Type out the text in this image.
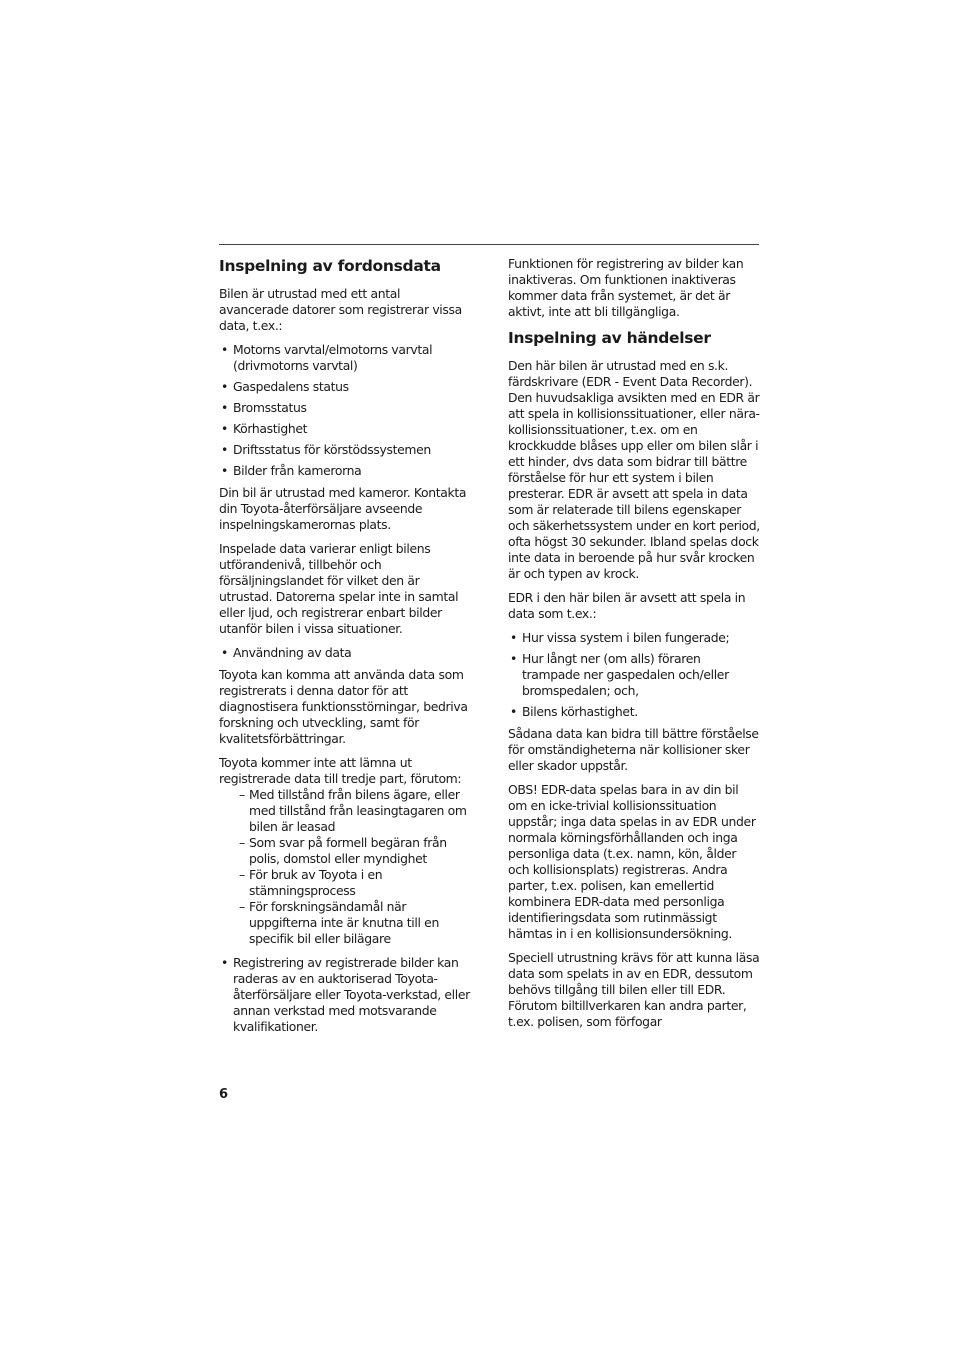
Inspelning av fordonsdata

Bilen är utrustad med ett antal avancerade datorer som registrerar vissa data, t.ex.:

• Motorns varvtal/elmotorns varvtal (drivmotorns varvtal)
• Gaspedalens status
• Bromsstatus
• Körhastighet
• Driftsstatus för körstödssystemen
• Bilder från kamerorna

Din bil är utrustad med kameror. Kontakta din Toyota-återförsäljare avseende inspelningskamerornas plats.

Inspelade data varierar enligt bilens utförandenivå, tillbehör och försäljningslandet för vilket den är utrustad. Datorerna spelar inte in samtal eller ljud, och registrerar enbart bilder utanför bilen i vissa situationer.

• Användning av data

Toyota kan komma att använda data som registrerats i denna dator för att diagnostisera funktionsstörningar, bedriva forskning och utveckling, samt för kvalitetsförbättringar.

Toyota kommer inte att lämna ut registrerade data till tredje part, förutom:

– Med tillstånd från bilens ägare, eller med tillstånd från leasingtagaren om bilen är leasad
– Som svar på formell begäran från polis, domstol eller myndighet
– För bruk av Toyota i en stämningsprocess
– För forskningsändamål när uppgifterna inte är knutna till en specifik bil eller bilägare
• Registrering av registrerade bilder kan raderas av en auktoriserad Toyota-återförsäljare eller Toyota-verkstad, eller annan verkstad med motsvarande kvalifikationer.

Funktionen för registrering av bilder kan inaktiveras. Om funktionen inaktiveras kommer data från systemet, är det är aktivt, inte att bli tillgängliga.

Inspelning av händelser

Den här bilen är utrustad med en s.k. färdskrivare (EDR - Event Data Recorder). Den huvudsakliga avsikten med en EDR är att spela in kollisionssituationer, eller nära-kollisionssituationer, t.ex. om en krockkudde blåses upp eller om bilen slår i ett hinder, dvs data som bidrar till bättre förståelse för hur ett system i bilen presterar. EDR är avsett att spela in data som är relaterade till bilens egenskaper och säkerhetssystem under en kort period, ofta högst 30 sekunder. Ibland spelas dock inte data in beroende på hur svår krocken är och typen av krock.

EDR i den här bilen är avsett att spela in data som t.ex.:

• Hur vissa system i bilen fungerade;
• Hur långt ner (om alls) föraren trampade ner gaspedalen och/eller bromspedalen; och,
• Bilens körhastighet.

Sådana data kan bidra till bättre förståelse för omständigheterna när kollisioner sker eller skador uppstår.

OBS! EDR-data spelas bara in av din bil om en icke-trivial kollisionssituation uppstår; inga data spelas in av EDR under normala körningsförhållanden och inga personliga data (t.ex. namn, kön, ålder och kollisionsplats) registreras. Andra parter, t.ex. polisen, kan emellertid kombinera EDR-data med personliga identifieringsdata som rutinmässigt hämtas in i en kollisionsundersökning.

Speciell utrustning krävs för att kunna läsa data som spelats in av en EDR, dessutom behövs tillgång till bilen eller till EDR. Förutom biltillverkaren kan andra parter, t.ex. polisen, som förfogar

6
